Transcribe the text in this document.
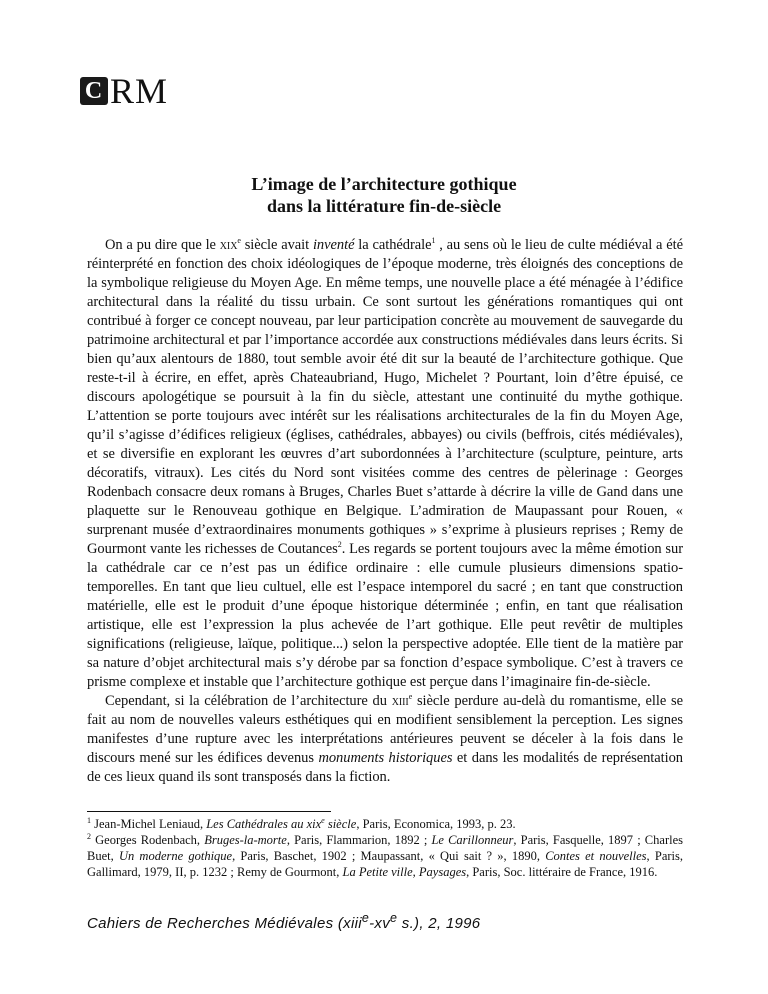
C RM
L’image de l’architecture gothique
dans la littérature fin-de-siècle

On a pu dire que le xix$^e$ siècle avait inventé la cathédrale$^1$ , au sens où le lieu de culte médiéval a été réinterprété en fonction des choix idéologiques de l’époque moderne, très éloignés des conceptions de la symbolique religieuse du Moyen Age. En même temps, une nouvelle place a été ménagée à l’édifice architectural dans la réalité du tissu urbain. Ce sont surtout les générations romantiques qui ont contribué à forger ce concept nouveau, par leur participation concrète au mouvement de sauvegarde du patrimoine architectural et par l’importance accordée aux constructions médiévales dans leurs écrits. Si bien qu’aux alentours de 1880, tout semble avoir été dit sur la beauté de l’architecture gothique. Que reste-t-il à écrire, en effet, après Chateaubriand, Hugo, Michelet ? Pourtant, loin d’être épuisé, ce discours apologétique se poursuit à la fin du siècle, attestant une continuité du mythe gothique. L’attention se porte toujours avec intérêt sur les réalisations architecturales de la fin du Moyen Age, qu’il s’agisse d’édifices religieux (églises, cathédrales, abbayes) ou civils (beffrois, cités médiévales), et se diversifie en explorant les œuvres d’art subordonnées à l’architecture (sculpture, peinture, arts décoratifs, vitraux). Les cités du Nord sont visitées comme des centres de pèlerinage : Georges Rodenbach consacre deux romans à Bruges, Charles Buet s’attarde à décrire la ville de Gand dans une plaquette sur le Renouveau gothique en Belgique. L’admiration de Maupassant pour Rouen, « surprenant musée d’extraordinaires monuments gothiques » s’exprime à plusieurs reprises ; Remy de Gourmont vante les richesses de Coutances$^2$. Les regards se portent toujours avec la même émotion sur la cathédrale car ce n’est pas un édifice ordinaire : elle cumule plusieurs dimensions spatio-temporelles. En tant que lieu cultuel, elle est l’espace intemporel du sacré ; en tant que construction matérielle, elle est le produit d’une époque historique déterminée ; enfin, en tant que réalisation artistique, elle est l’expression la plus achevée de l’art gothique. Elle peut revêtir de multiples significations (religieuse, laïque, politique...) selon la perspective adoptée. Elle tient de la matière par sa nature d’objet architectural mais s’y dérobe par sa fonction d’espace symbolique. C’est à travers ce prisme complexe et instable que l’architecture gothique est perçue dans l’imaginaire fin-de-siècle.

Cependant, si la célébration de l’architecture du xiii$^e$ siècle perdure au-delà du romantisme, elle se fait au nom de nouvelles valeurs esthétiques qui en modifient sensiblement la perception. Les signes manifestes d’une rupture avec les interprétations antérieures peuvent se déceler à la fois dans le discours mené sur les édifices devenus monuments historiques et dans les modalités de représentation de ces lieux quand ils sont transposés dans la fiction.

$^1$ Jean-Michel Leniaud, Les Cathédrales au xix$^e$ siècle, Paris, Economica, 1993, p. 23.

$^2$ Georges Rodenbach, Bruges-la-morte, Paris, Flammarion, 1892 ; Le Carillonneur, Paris, Fasquelle, 1897 ; Charles Buet, Un moderne gothique, Paris, Baschet, 1902 ; Maupassant, « Qui sait ? », 1890, Contes et nouvelles, Paris, Gallimard, 1979, II, p. 1232 ; Remy de Gourmont, La Petite ville, Paysages, Paris, Soc. littéraire de France, 1916.

Cahiers de Recherches Médiévales ($xiii^e-xv^e$ s.), 2, 1996
